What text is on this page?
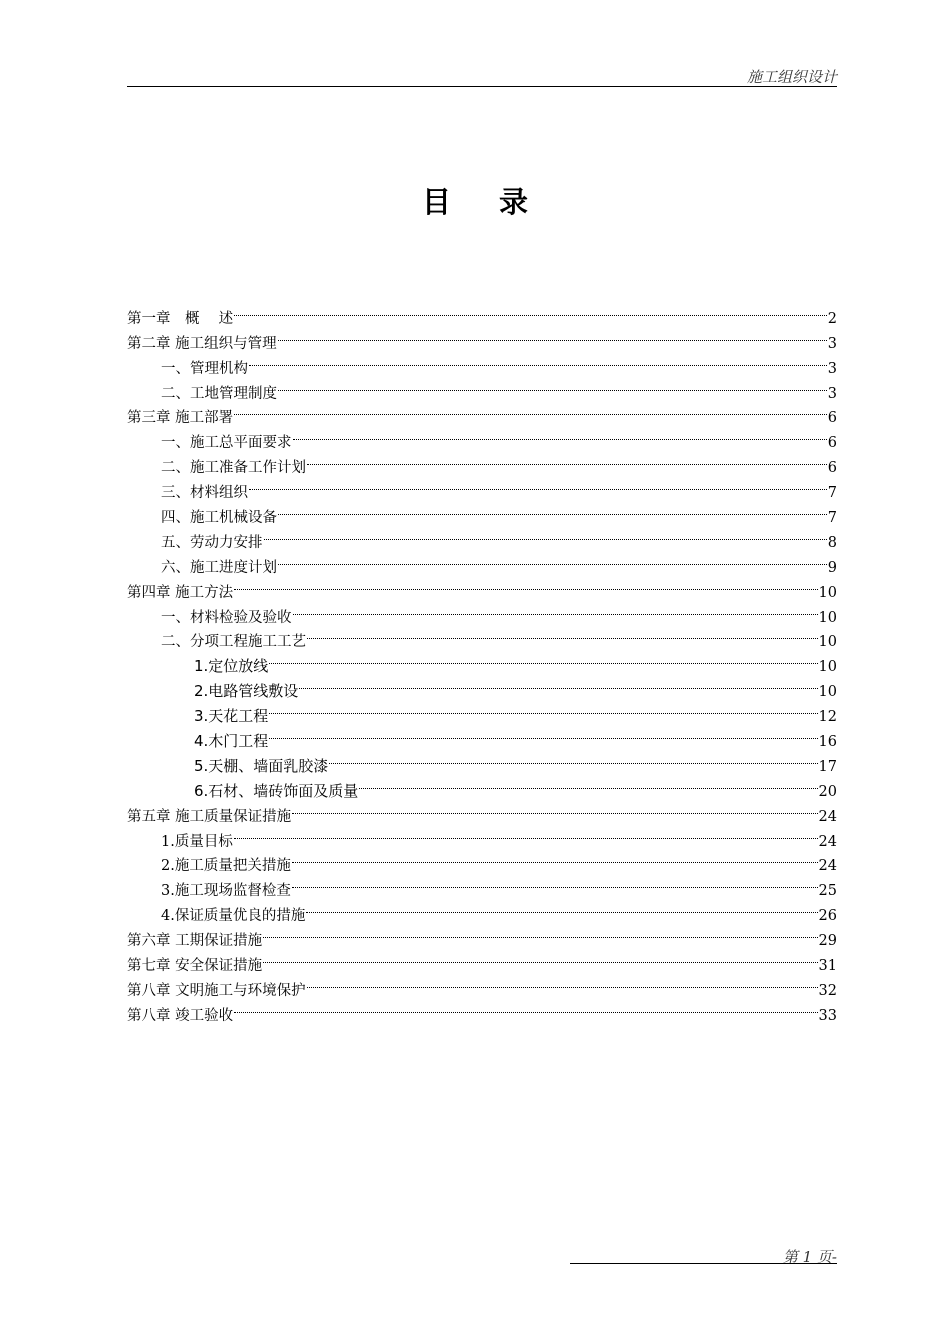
施工组织设计
目录
第一章　概　 述	2
第二章 施工组织与管理	3
一、管理机构	3
二、工地管理制度	3
第三章 施工部署	6
一、施工总平面要求	6
二、施工准备工作计划	6
三、材料组织	7
四、施工机械设备	7
五、劳动力安排	8
六、施工进度计划	9
第四章 施工方法	10
一、材料检验及验收	10
二、分项工程施工工艺	10
1.定位放线	10
2.电路管线敷设	10
3.天花工程	12
4.木门工程	16
5.天棚、墙面乳胶漆	17
6.石材、墙砖饰面及质量	20
第五章 施工质量保证措施	24
1.质量目标	24
2.施工质量把关措施	24
3.施工现场监督检查	25
4.保证质量优良的措施	26
第六章 工期保证措施	29
第七章 安全保证措施	31
第八章 文明施工与环境保护	32
第八章 竣工验收	33
第 1 页-
